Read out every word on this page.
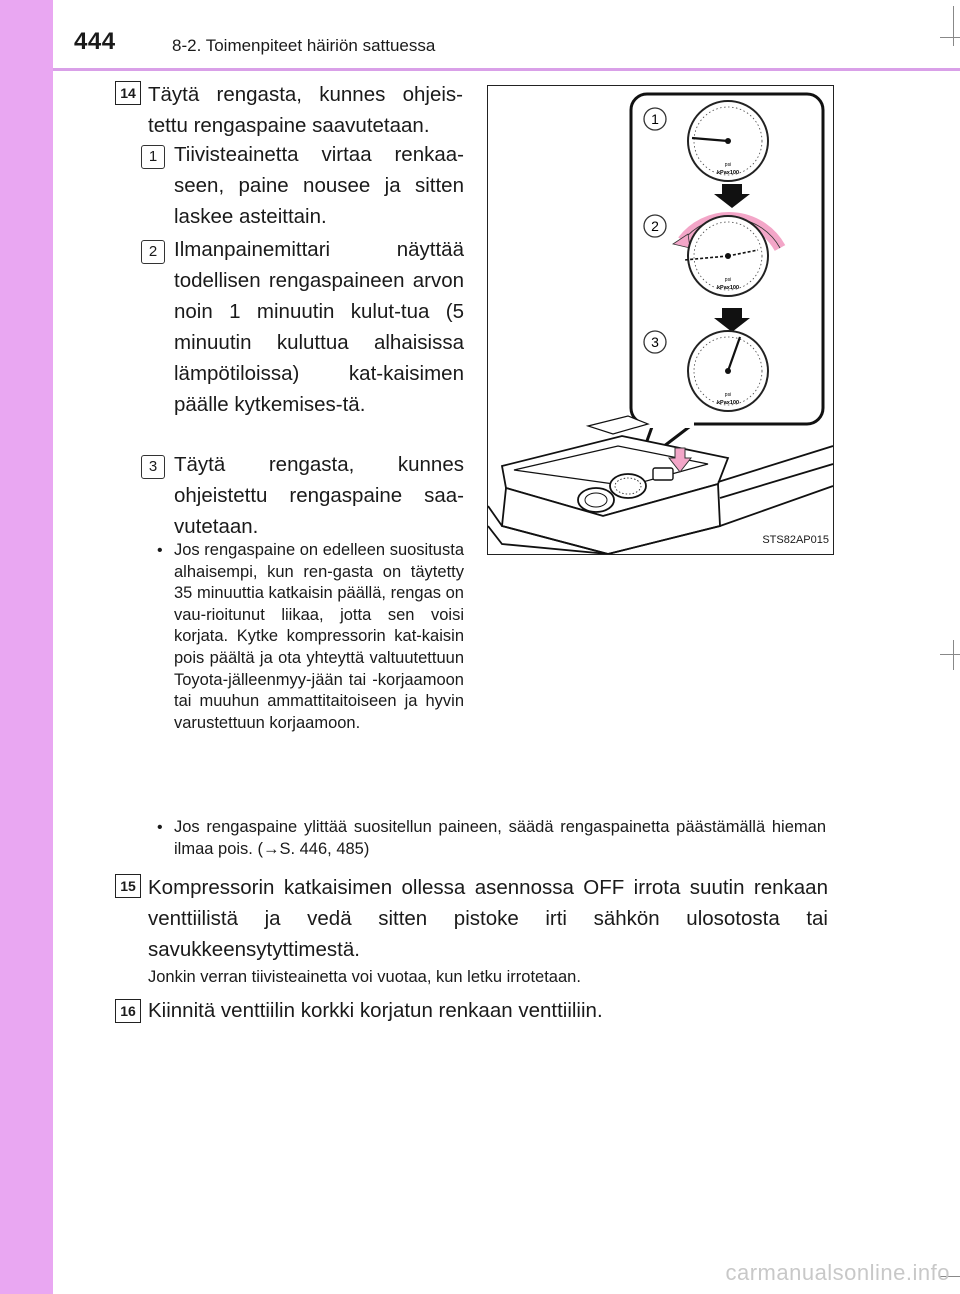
444	8-2. Toimenpiteet häiriön sattuessa
14 Täytä rengasta, kunnes ohjeis-tettu rengaspaine saavutetaan.
1 Tiivisteainetta virtaa renkaa-seen, paine nousee ja sitten laskee asteittain.
2 Ilmanpainemittari näyttää todellisen rengaspaineen arvon noin 1 minuutin kulut-tua (5 minuutin kuluttua alhaisissa lämpötiloissa) kat-kaisimen päälle kytkemises-tä.
3 Täytä rengasta, kunnes ohjeistettu rengaspaine saa-vutetaan.
• Jos rengaspaine on edelleen suositusta alhaisempi, kun ren-gasta on täytetty 35 minuuttia katkaisin päällä, rengas on vau-rioitunut liikaa, jotta sen voisi korjata. Kytke kompressorin kat-kaisin pois päältä ja ota yhteyttä valtuutettuun Toyota-jälleenmyy-jään tai -korjaamoon tai muuhun ammattitaitoiseen ja hyvin varustettuun korjaamoon.
• Jos rengaspaine ylittää suositellun paineen, säädä rengaspainetta päästämällä hieman ilmaa pois. (→S. 446, 485)
1
2
3
psi
kPax100
psi
kPax100
psi
kPax100
STS82AP015
15 Kompressorin katkaisimen ollessa asennossa OFF irrota suutin renkaan venttiilistä ja vedä sitten pistoke irti sähkön ulosotosta tai savukkeensytyttimestä.
Jonkin verran tiivisteainetta voi vuotaa, kun letku irrotetaan.
16 Kiinnitä venttiilin korkki korjatun renkaan venttiiliin.
carmanualsonline.info
